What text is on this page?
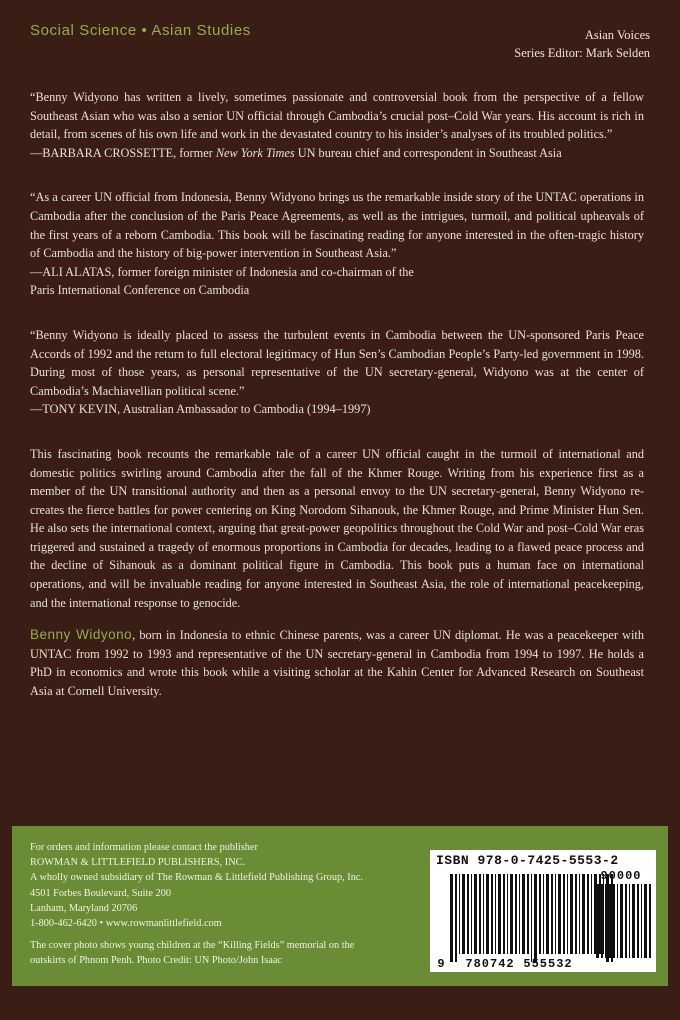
Social Science • Asian Studies	Asian Voices
Series Editor: Mark Selden

“Benny Widyono has written a lively, sometimes passionate and controversial book from the perspective of a fellow Southeast Asian who was also a senior UN official through Cambodia’s crucial post–Cold War years. His account is rich in detail, from scenes of his own life and work in the devastated country to his insider’s analyses of its troubled politics.”

—BARBARA CROSSETTE, former New York Times UN bureau chief and correspondent in Southeast Asia

“As a career UN official from Indonesia, Benny Widyono brings us the remarkable inside story of the UNTAC operations in Cambodia after the conclusion of the Paris Peace Agreements, as well as the intrigues, turmoil, and political upheavals of the first years of a reborn Cambodia. This book will be fascinating reading for anyone interested in the often-tragic history of Cambodia and the history of big-power intervention in Southeast Asia.”

—ALI ALATAS, former foreign minister of Indonesia and co-chairman of the

Paris International Conference on Cambodia

“Benny Widyono is ideally placed to assess the turbulent events in Cambodia between the UN-sponsored Paris Peace Accords of 1992 and the return to full electoral legitimacy of Hun Sen’s Cambodian People’s Party-led government in 1998. During most of those years, as personal representative of the UN secretary-general, Widyono was at the center of Cambodia’s Machiavellian political scene.”

—TONY KEVIN, Australian Ambassador to Cambodia (1994–1997)

This fascinating book recounts the remarkable tale of a career UN official caught in the turmoil of international and domestic politics swirling around Cambodia after the fall of the Khmer Rouge. Writing from his experience first as a member of the UN transitional authority and then as a personal envoy to the UN secretary-general, Benny Widyono re-creates the fierce battles for power centering on King Norodom Sihanouk, the Khmer Rouge, and Prime Minister Hun Sen. He also sets the international context, arguing that great-power geopolitics throughout the Cold War and post–Cold War eras triggered and sustained a tragedy of enormous proportions in Cambodia for decades, leading to a flawed peace process and the decline of Sihanouk as a dominant political figure in Cambodia. This book puts a human face on international operations, and will be invaluable reading for anyone interested in Southeast Asia, the role of international peacekeeping, and the international response to genocide.

Benny Widyono, born in Indonesia to ethnic Chinese parents, was a career UN diplomat. He was a peacekeeper with UNTAC from 1992 to 1993 and representative of the UN secretary-general in Cambodia from 1994 to 1997. He holds a PhD in economics and wrote this book while a visiting scholar at the Kahin Center for Advanced Research on Southeast Asia at Cornell University.

For orders and information please contact the publisher
ROWMAN & LITTLEFIELD PUBLISHERS, INC.
A wholly owned subsidiary of The Rowman & Littlefield Publishing Group, Inc.
4501 Forbes Boulevard, Suite 200
Lanham, Maryland 20706
1-800-462-6420 • www.rowmanlittlefield.com
The cover photo shows young children at the “Killing Fields” memorial on the
outskirts of Phnom Penh. Photo Credit: UN Photo/John Isaac
ISBN 978-0-7425-5553-2
90000
9 780742 555532
